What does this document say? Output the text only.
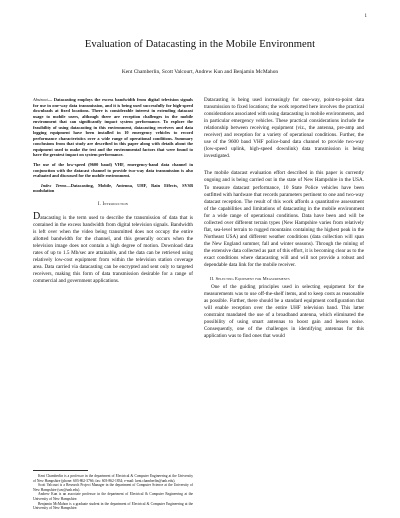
1
Evaluation of Datacasting in the Mobile Environment
Kent Chamberlin, Scott Valcourt, Andrew Kun and Benjamin McMahon

Abstract— Datacasting employs the excess bandwidth from digital television signals for use in one-way data transmission, and it is being used successfully for high-speed downloads at fixed locations. There is considerable interest in extending datacast usage to mobile users, although there are reception challenges in the mobile environment that can significantly impact system performance. To explore the feasibility of using datacasting in this environment, datacasting receivers and data logging equipment have been installed in 10 emergency vehicles to record performance characteristics over a wide range of operational conditions. Summary conclusions from that study are described in this paper along with details about the equipment used to make the test and the environmental factors that were found to have the greatest impact on system performance.

The use of the low-speed (9600 baud) VHF, emergency-band data channel in conjunction with the datacast channel to provide two-way data transmission is also evaluated and discussed for the mobile environment.

Index Terms—Datacasting, Mobile, Antenna, UHF, Rain Effects, SVSB modulation

I. Introduction

Datacasting is the term used to describe the transmission of data that is contained in the excess bandwidth from digital television signals. Bandwidth is left over when the video being transmitted does not occupy the entire allotted bandwidth for the channel, and this generally occurs when the television image does not contain a high degree of motion. Download data rates of up to 1.5 Mb/sec are attainable, and the data can be retrieved using relatively low-cost equipment from within the television station coverage area. Data carried via datacasting can be encrypted and sent only to targeted receivers, making this form of data transmission desirable for a range of commercial and government applications.

Datacasting is being used increasingly for one-way, point-to-point data transmission to fixed locations; the work reported here involves the practical considerations associated with using datacasting in mobile environments, and in particular emergency vehicles. These practical considerations include the relationship between receiving equipment (viz., the antenna, pre-amp and receiver) and reception for a variety of operational conditions. Further, the use of the 9600 baud VHF police-band data channel to provide two-way (low-speed uplink, high-speed downlink) data transmission is being investigated.

The mobile datacast evaluation effort described in this paper is currently ongoing and is being carried out in the state of New Hampshire in the USA. To measure datacast performance, 10 State Police vehicles have been outfitted with hardware that records parameters pertinent to one and two-way datacast reception. The result of this work affords a quantitative assessment of the capabilities and limitations of datacasting in the mobile environment for a wide range of operational conditions. Data have been and will be collected over different terrain types (New Hampshire varies from relatively flat, sea-level terrain to rugged mountains containing the highest peak in the Northeast USA) and different weather conditions (data collection will span the New England summer, fall and winter seasons). Through the mining of the extensive data collected as part of this effort, it is becoming clear as to the exact conditions where datacasting will and will not provide a robust and dependable data link for the mobile receiver.

II. Selecting Equipment for Measurements

One of the guiding principles used in selecting equipment for the measurements was to use off-the-shelf items, and to keep costs as reasonable as possible. Further, there should be a standard equipment configuration that will enable reception over the entire UHF television band. This latter constraint mandated the use of a broadband antenna, which eliminated the possibility of using smart antennas to boost gain and lessen noise. Consequently, one of the challenges in identifying antennas for this application was to find ones that would

Kent Chamberlin is a professor in the department of Electrical & Computer Engineering at the University of New Hampshire (phone: 603-862-3766; fax: 603-862-1834; e-mail: kent.chamberlin@unh.edu).

Scott Valcourt is a Research Project Manager in the department of Computer Science at the University of New Hampshire (sav@unh.edu).

Andrew Kun is an associate professor in the department of Electrical & Computer Engineering at the University of New Hampshire.

Benjamin McMahon is a graduate student in the department of Electrical & Computer Engineering at the University of New Hampshire.
